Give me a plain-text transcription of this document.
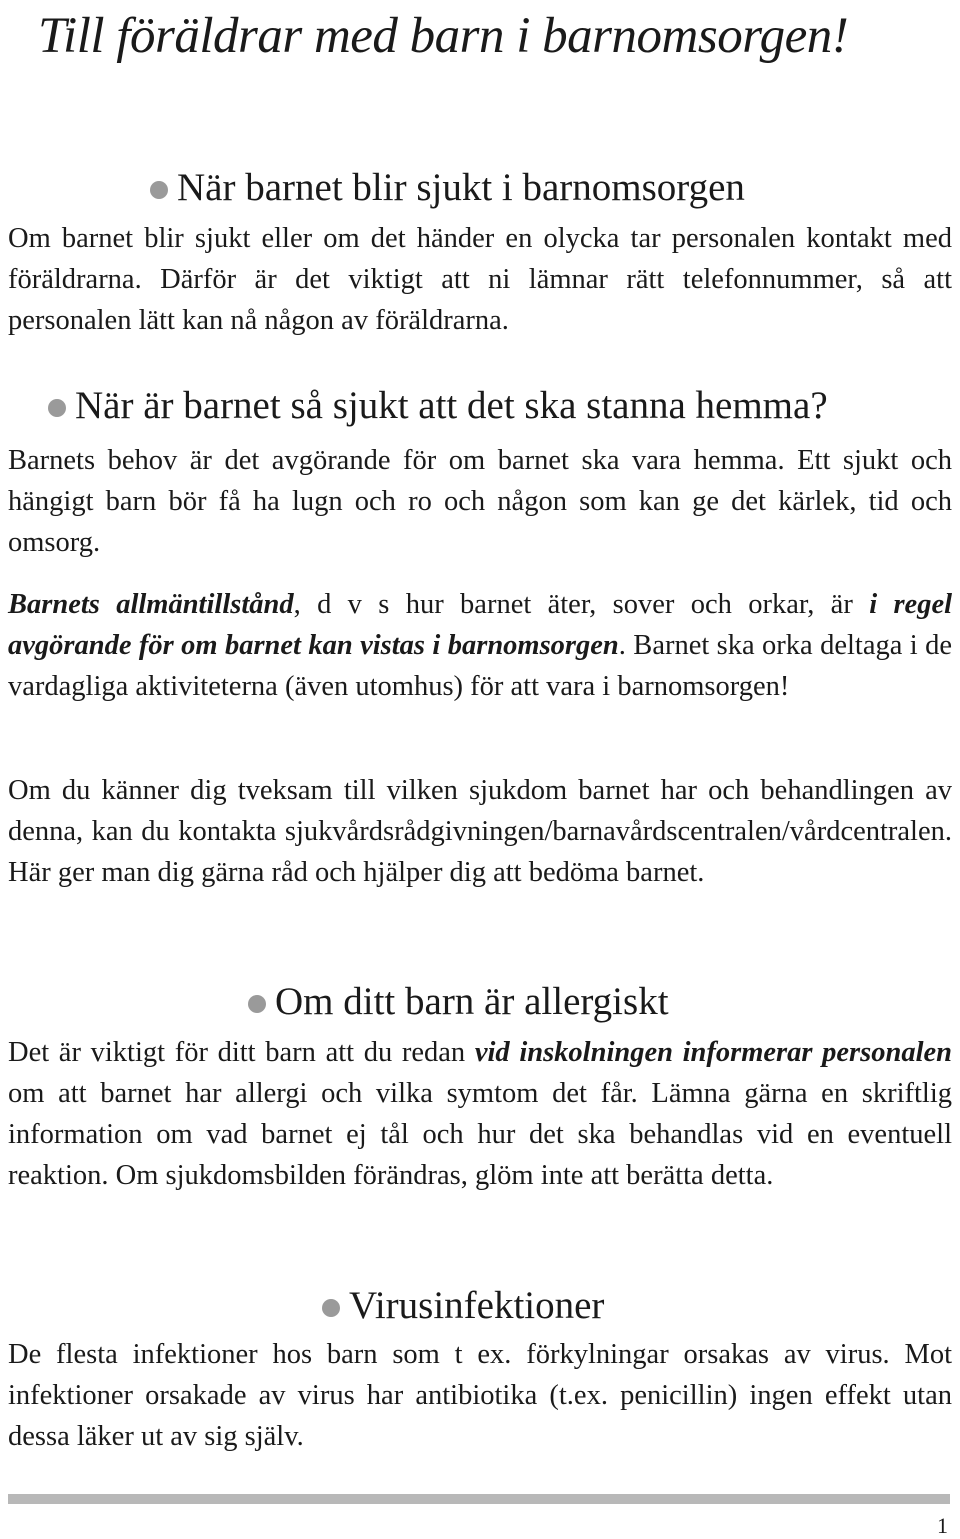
Till föräldrar med barn i barnomsorgen!
När barnet blir sjukt i barnomsorgen

Om barnet blir sjukt eller om det händer en olycka tar personalen kontakt med föräldrarna. Därför är det viktigt att ni lämnar rätt telefonnummer, så att personalen lätt kan nå någon av föräldrarna.

När är barnet så sjukt att det ska stanna hemma?

Barnets behov är det avgörande för om barnet ska vara hemma. Ett sjukt och hängigt barn bör få ha lugn och ro och någon som kan ge det kärlek, tid och omsorg.

Barnets allmäntillstånd, d v s hur barnet äter, sover och orkar, är i regel avgörande för om barnet kan vistas i barnomsorgen. Barnet ska orka deltaga i de vardagliga aktiviteterna (även utomhus) för att vara i barnomsorgen!

Om du känner dig tveksam till vilken sjukdom barnet har och behandlingen av denna, kan du kontakta sjukvårdsrådgivningen/barnavårdscentralen/vårdcentralen. Här ger man dig gärna råd och hjälper dig att bedöma barnet.

Om ditt barn är allergiskt

Det är viktigt för ditt barn att du redan vid inskolningen informerar personalen om att barnet har allergi och vilka symtom det får. Lämna gärna en skriftlig information om vad barnet ej tål och hur det ska behandlas vid en eventuell reaktion. Om sjukdomsbilden förändras, glöm inte att berätta detta.

Virusinfektioner

De flesta infektioner hos barn som t ex. förkylningar orsakas av virus. Mot infektioner orsakade av virus har antibiotika (t.ex. penicillin) ingen effekt utan dessa läker ut av sig själv.

1
